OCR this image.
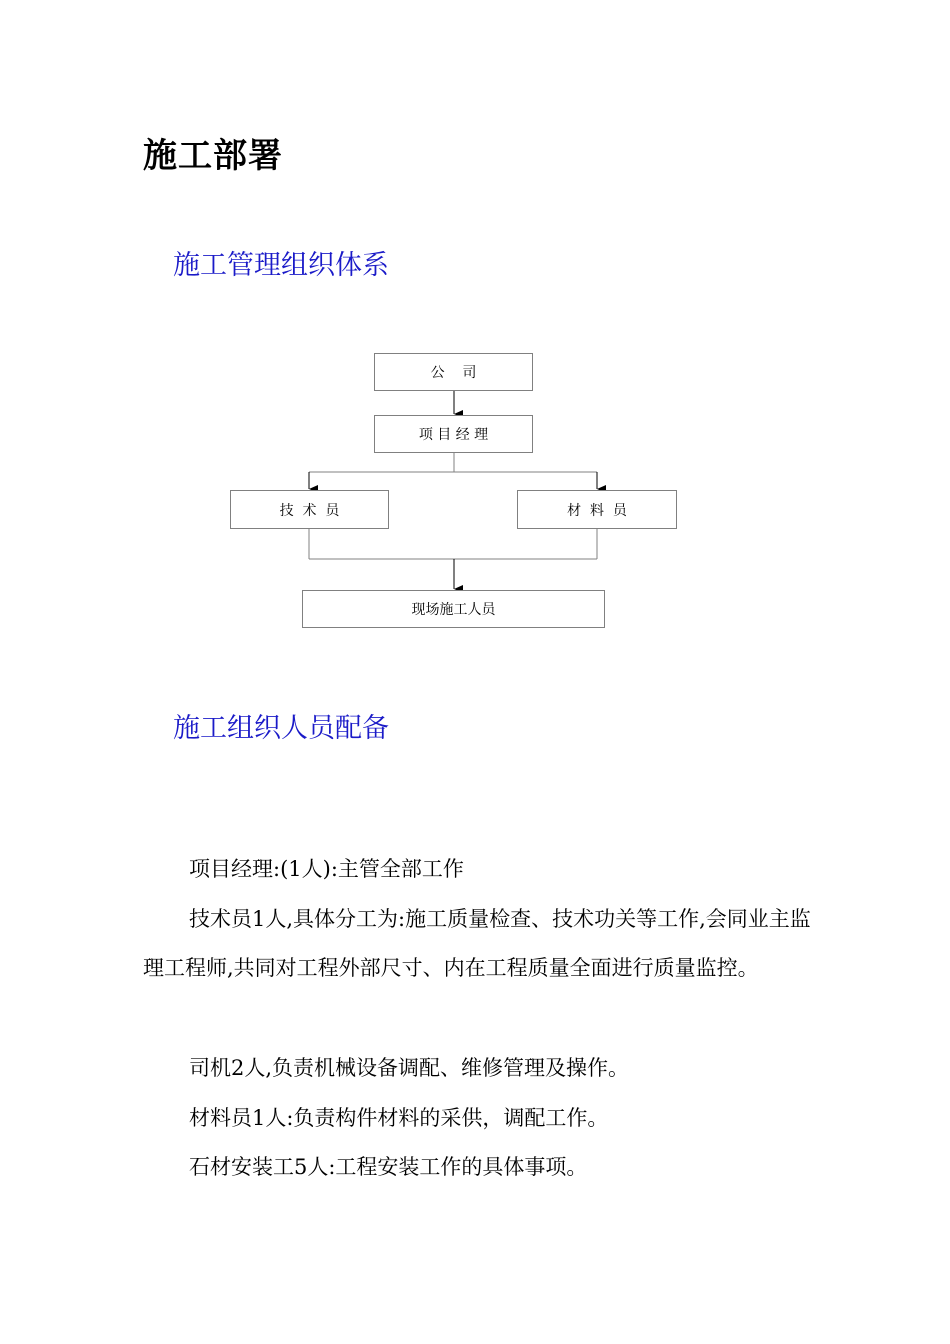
施工部署
施工管理组织体系
公    司
项 目 经 理
技  术  员	材  料  员
现场施工人员
施工组织人员配备

项目经理:(1人):主管全部工作

技术员1人,具体分工为:施工质量检查、技术功关等工作,会同业主监理工程师,共同对工程外部尺寸、内在工程质量全面进行质量监控。

司机2人,负责机械设备调配、维修管理及操作。

材料员1人:负责构件材料的采供，调配工作。

石材安装工5人:工程安装工作的具体事项。
